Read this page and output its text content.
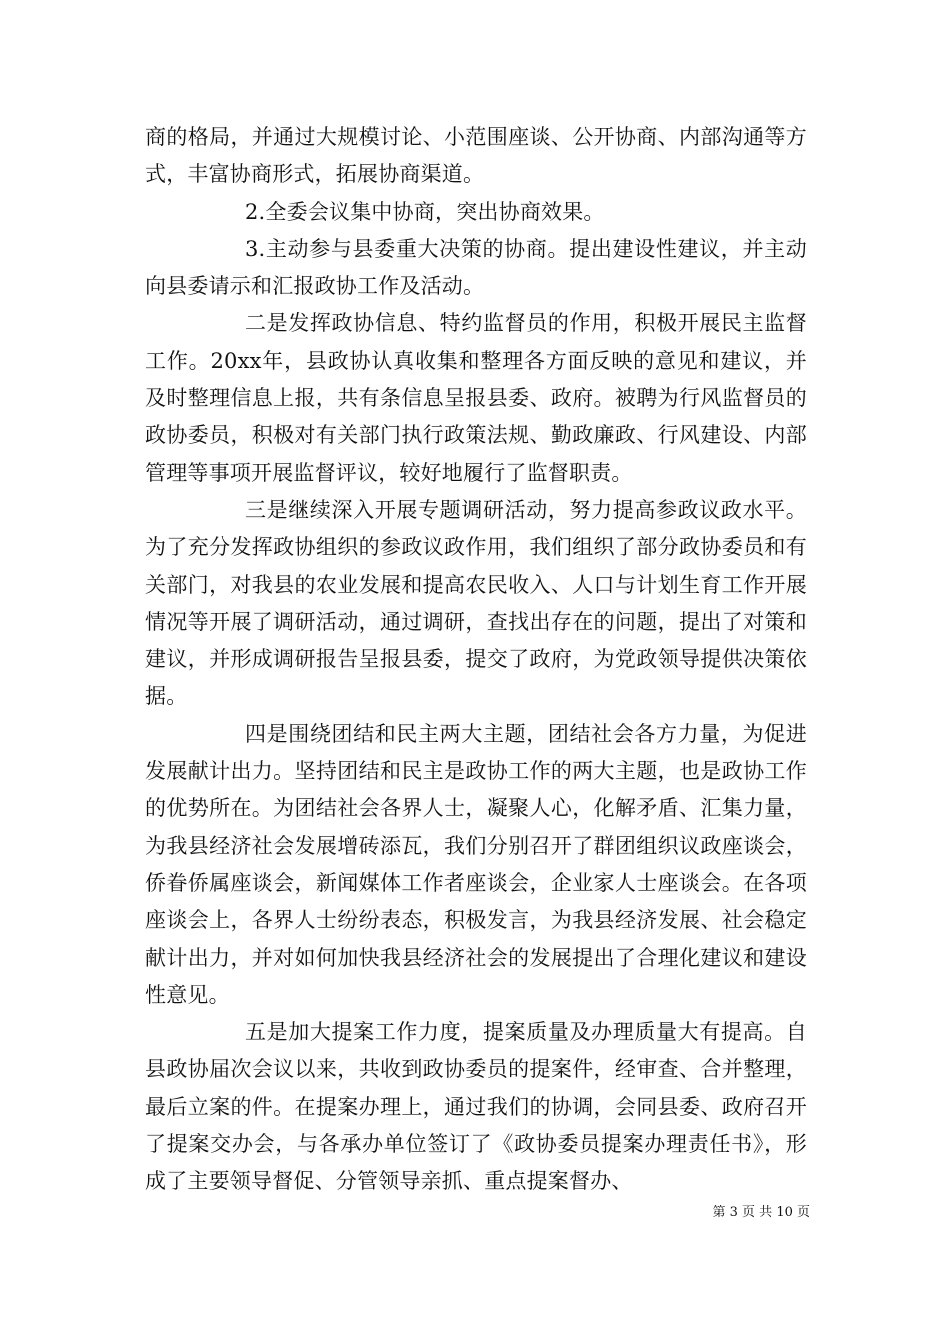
商的格局，并通过大规模讨论、小范围座谈、公开协商、内部沟通等方式，丰富协商形式，拓展协商渠道。

2.全委会议集中协商，突出协商效果。

3.主动参与县委重大决策的协商。提出建设性建议，并主动向县委请示和汇报政协工作及活动。

二是发挥政协信息、特约监督员的作用，积极开展民主监督工作。20xx年，县政协认真收集和整理各方面反映的意见和建议，并及时整理信息上报，共有条信息呈报县委、政府。被聘为行风监督员的政协委员，积极对有关部门执行政策法规、勤政廉政、行风建设、内部管理等事项开展监督评议，较好地履行了监督职责。

三是继续深入开展专题调研活动，努力提高参政议政水平。为了充分发挥政协组织的参政议政作用，我们组织了部分政协委员和有关部门，对我县的农业发展和提高农民收入、人口与计划生育工作开展情况等开展了调研活动，通过调研，查找出存在的问题，提出了对策和建议，并形成调研报告呈报县委，提交了政府，为党政领导提供决策依据。

四是围绕团结和民主两大主题，团结社会各方力量，为促进发展献计出力。坚持团结和民主是政协工作的两大主题，也是政协工作的优势所在。为团结社会各界人士，凝聚人心，化解矛盾、汇集力量，为我县经济社会发展增砖添瓦，我们分别召开了群团组织议政座谈会，侨眷侨属座谈会，新闻媒体工作者座谈会，企业家人士座谈会。在各项座谈会上，各界人士纷纷表态，积极发言，为我县经济发展、社会稳定献计出力，并对如何加快我县经济社会的发展提出了合理化建议和建设性意见。

五是加大提案工作力度，提案质量及办理质量大有提高。自县政协届次会议以来，共收到政协委员的提案件，经审查、合并整理，最后立案的件。在提案办理上，通过我们的协调，会同县委、政府召开了提案交办会，与各承办单位签订了《政协委员提案办理责任书》，形成了主要领导督促、分管领导亲抓、重点提案督办、

第 3 页 共 10 页
